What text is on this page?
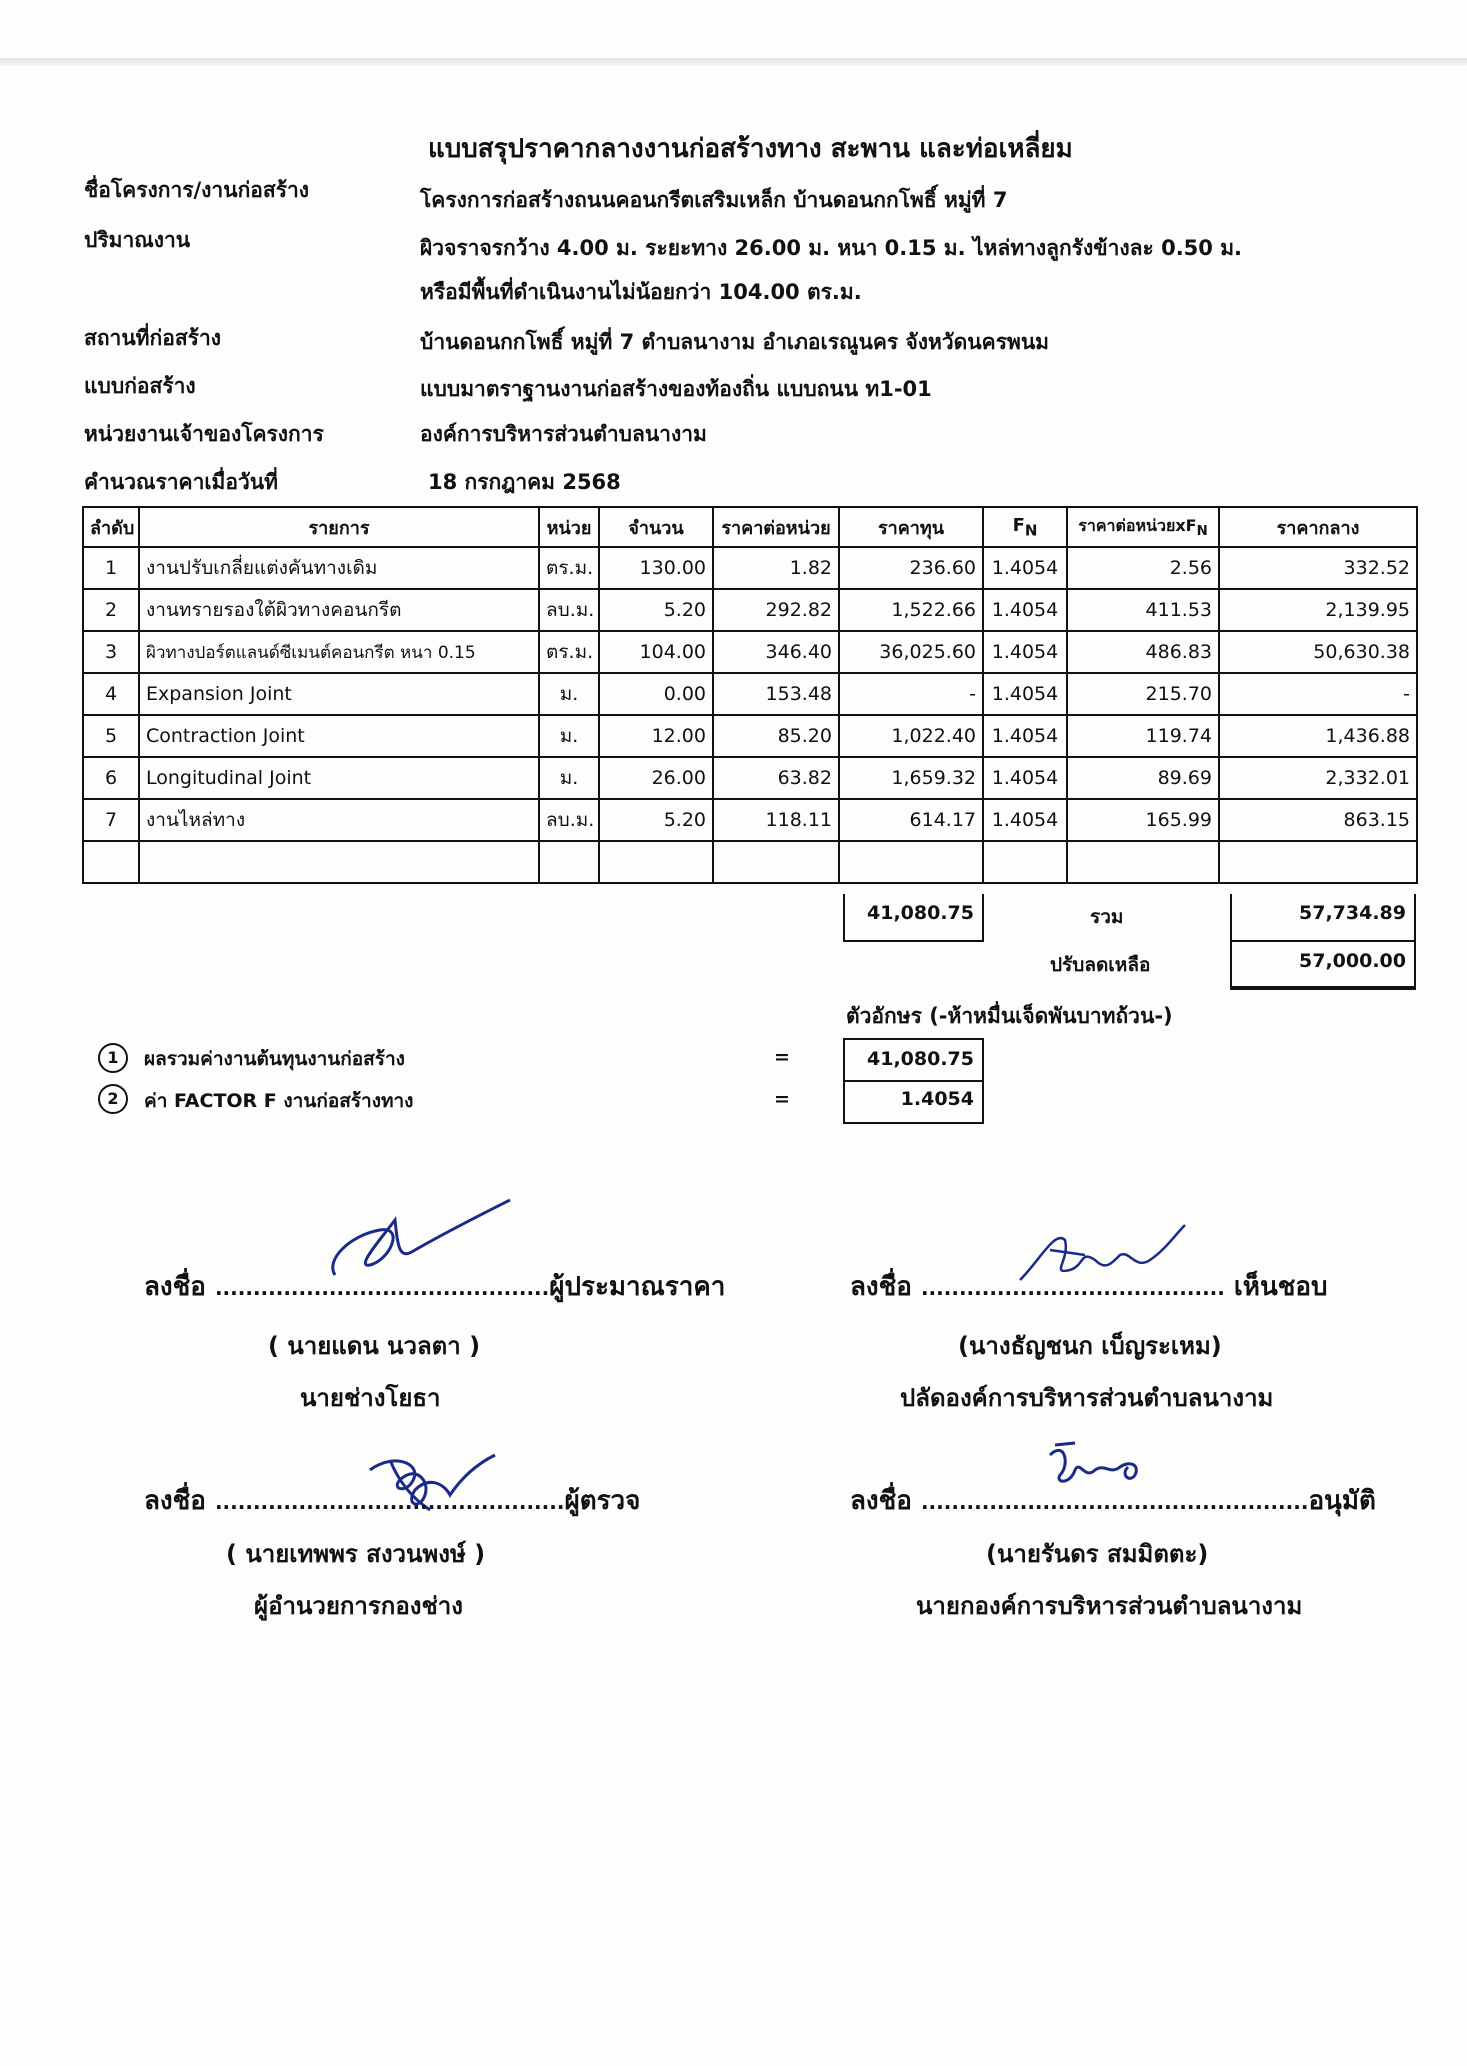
แบบสรุปราคากลางงานก่อสร้างทาง สะพาน และท่อเหลี่ยม
ชื่อโครงการ/งานก่อสร้าง	โครงการก่อสร้างถนนคอนกรีตเสริมเหล็ก บ้านดอนกกโพธิ์ หมู่ที่ 7
ปริมาณงาน	ผิวจราจรกว้าง 4.00 ม. ระยะทาง 26.00 ม. หนา 0.15 ม. ไหล่ทางลูกรังข้างละ 0.50 ม.
หรือมีพื้นที่ดำเนินงานไม่น้อยกว่า 104.00 ตร.ม.
สถานที่ก่อสร้าง	บ้านดอนกกโพธิ์ หมู่ที่ 7 ตำบลนางาม อำเภอเรณูนคร จังหวัดนครพนม
แบบก่อสร้าง	แบบมาตราฐานงานก่อสร้างของท้องถิ่น แบบถนน ท1-01
หน่วยงานเจ้าของโครงการ	องค์การบริหารส่วนตำบลนางาม
คำนวณราคาเมื่อวันที่	18 กรกฎาคม 2568
ลำดับ	รายการ	หน่วย	จำนวน	ราคาต่อหน่วย	ราคาทุน	$F_N$	ราคาต่อหน่วย$xF_N$	ราคากลาง
1	งานปรับเกลี่ยแต่งคันทางเดิม	ตร.ม.	130.00	1.82	236.60	1.4054	2.56	332.52
2	งานทรายรองใต้ผิวทางคอนกรีต	ลบ.ม.	5.20	292.82	1,522.66	1.4054	411.53	2,139.95
3	ผิวทางปอร์ตแลนด์ซีเมนต์คอนกรีต หนา 0.15	ตร.ม.	104.00	346.40	36,025.60	1.4054	486.83	50,630.38
4	Expansion Joint	ม.	0.00	153.48	-	1.4054	215.70	-
5	Contraction Joint	ม.	12.00	85.20	1,022.40	1.4054	119.74	1,436.88
6	Longitudinal Joint	ม.	26.00	63.82	1,659.32	1.4054	89.69	2,332.01
7	งานไหล่ทาง	ลบ.ม.	5.20	118.11	614.17	1.4054	165.99	863.15

41,080.75	รวม	57,734.89
ปรับลดเหลือ	57,000.00
ตัวอักษร (-ห้าหมื่นเจ็ดพันบาทถ้วน-)
1	ผลรวมค่างานต้นทุนงานก่อสร้าง	=	41,080.75
2	ค่า FACTOR F งานก่อสร้างทาง	=	1.4054
ลงชื่อ ............................................ผู้ประมาณราคา
( นายแดน นวลตา )
นายช่างโยธา
ลงชื่อ ........................................ เห็นชอบ
(นางธัญชนก เบ็ญระเหม)
ปลัดองค์การบริหารส่วนตำบลนางาม
ลงชื่อ ..............................................ผู้ตรวจ
( นายเทพพร สงวนพงษ์ )
ผู้อำนวยการกองช่าง
ลงชื่อ ...................................................อนุมัติ
(นายรันดร สมมิตตะ)
นายกองค์การบริหารส่วนตำบลนางาม
